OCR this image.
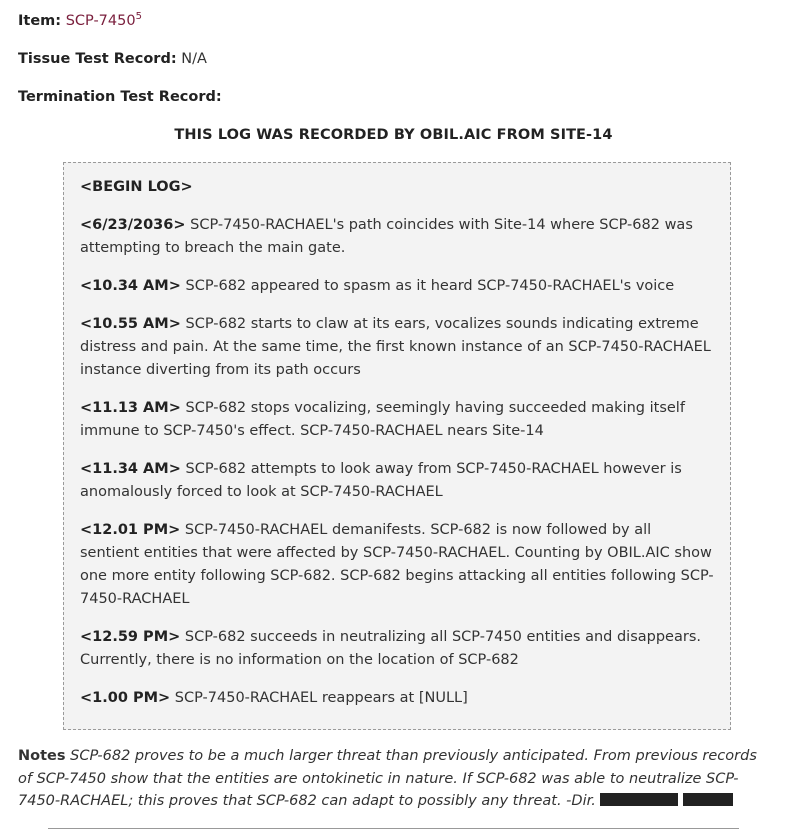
Item: SCP-7450$^5$
Tissue Test Record: N/A
Termination Test Record:
THIS LOG WAS RECORDED BY OBIL.AIC FROM SITE-14

<BEGIN LOG>

<6/23/2036> SCP-7450-RACHAEL's path coincides with Site-14 where SCP-682 was attempting to breach the main gate.

<10.34 AM> SCP-682 appeared to spasm as it heard SCP-7450-RACHAEL's voice

<10.55 AM> SCP-682 starts to claw at its ears, vocalizes sounds indicating extreme distress and pain. At the same time, the first known instance of an SCP-7450-RACHAEL instance diverting from its path occurs

<11.13 AM> SCP-682 stops vocalizing, seemingly having succeeded making itself immune to SCP-7450's effect. SCP-7450-RACHAEL nears Site-14

<11.34 AM> SCP-682 attempts to look away from SCP-7450-RACHAEL however is anomalously forced to look at SCP-7450-RACHAEL

<12.01 PM> SCP-7450-RACHAEL demanifests. SCP-682 is now followed by all sentient entities that were affected by SCP-7450-RACHAEL. Counting by OBIL.AIC show one more entity following SCP-682. SCP-682 begins attacking all entities following SCP-7450-RACHAEL

<12.59 PM> SCP-682 succeeds in neutralizing all SCP-7450 entities and disappears. Currently, there is no information on the location of SCP-682

<1.00 PM> SCP-7450-RACHAEL reappears at [NULL]

Notes SCP-682 proves to be a much larger threat than previously anticipated. From previous records of SCP-7450 show that the entities are ontokinetic in nature. If SCP-682 was able to neutralize SCP-7450-RACHAEL; this proves that SCP-682 can adapt to possibly any threat. -Dir.
